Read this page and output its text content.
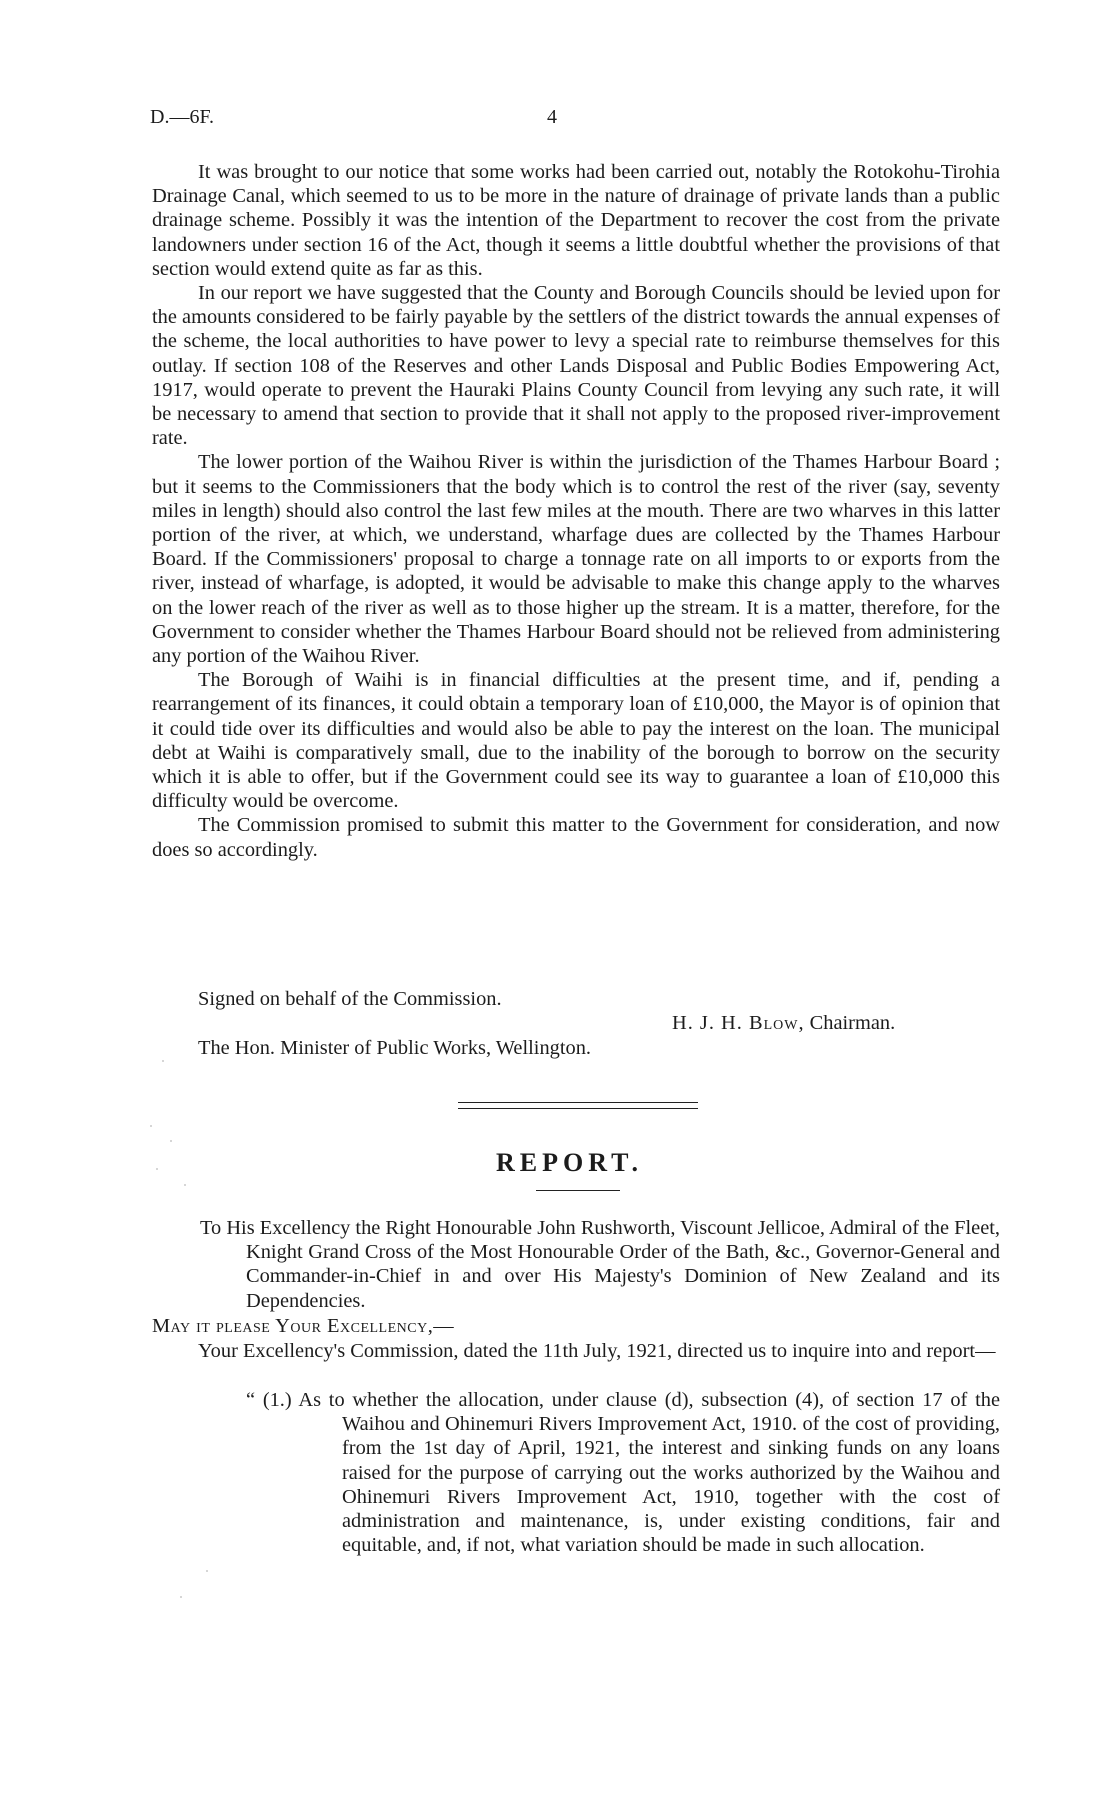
D.—6F.	4

It was brought to our notice that some works had been carried out, notably the Rotokohu-Tirohia Drainage Canal, which seemed to us to be more in the nature of drainage of private lands than a public drainage scheme. Possibly it was the intention of the Department to recover the cost from the private landowners under section 16 of the Act, though it seems a little doubtful whether the provisions of that section would extend quite as far as this.

In our report we have suggested that the County and Borough Councils should be levied upon for the amounts considered to be fairly payable by the settlers of the district towards the annual expenses of the scheme, the local authorities to have power to levy a special rate to reimburse themselves for this outlay. If section 108 of the Reserves and other Lands Disposal and Public Bodies Empowering Act, 1917, would operate to prevent the Hauraki Plains County Council from levying any such rate, it will be necessary to amend that section to provide that it shall not apply to the proposed river-improvement rate.

The lower portion of the Waihou River is within the jurisdiction of the Thames Harbour Board ; but it seems to the Commissioners that the body which is to control the rest of the river (say, seventy miles in length) should also control the last few miles at the mouth. There are two wharves in this latter portion of the river, at which, we understand, wharfage dues are collected by the Thames Harbour Board. If the Commissioners' proposal to charge a tonnage rate on all imports to or exports from the river, instead of wharfage, is adopted, it would be advisable to make this change apply to the wharves on the lower reach of the river as well as to those higher up the stream. It is a matter, therefore, for the Government to consider whether the Thames Harbour Board should not be relieved from administering any portion of the Waihou River.

The Borough of Waihi is in financial difficulties at the present time, and if, pending a rearrangement of its finances, it could obtain a temporary loan of £10,000, the Mayor is of opinion that it could tide over its difficulties and would also be able to pay the interest on the loan. The municipal debt at Waihi is comparatively small, due to the inability of the borough to borrow on the security which it is able to offer, but if the Government could see its way to guarantee a loan of £10,000 this difficulty would be overcome.

The Commission promised to submit this matter to the Government for consideration, and now does so accordingly.

Signed on behalf of the Commission.
H. J. H. Blow, Chairman.
The Hon. Minister of Public Works, Wellington.
REPORT.
To His Excellency the Right Honourable John Rushworth, Viscount Jellicoe, Admiral of the Fleet, Knight Grand Cross of the Most Honourable Order of the Bath, &c., Governor-General and Commander-in-Chief in and over His Majesty's Dominion of New Zealand and its Dependencies.
May it please Your Excellency,—

Your Excellency's Commission, dated the 11th July, 1921, directed us to inquire into and report—

“ (1.) As to whether the allocation, under clause (d), subsection (4), of section 17 of the Waihou and Ohinemuri Rivers Improvement Act, 1910. of the cost of providing, from the 1st day of April, 1921, the interest and sinking funds on any loans raised for the purpose of carrying out the works authorized by the Waihou and Ohinemuri Rivers Improvement Act, 1910, together with the cost of administration and maintenance, is, under existing conditions, fair and equitable, and, if not, what variation should be made in such allocation.
